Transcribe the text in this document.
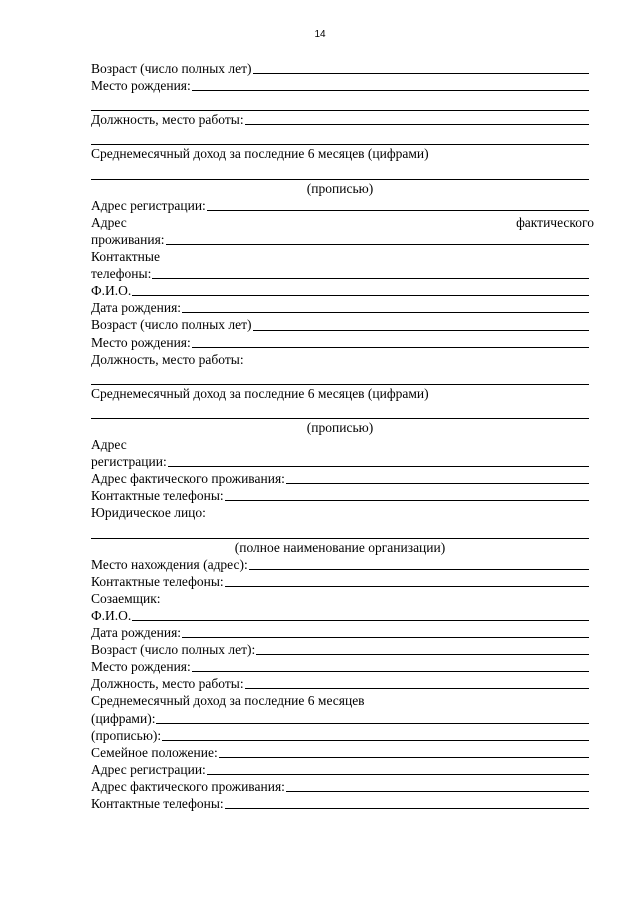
14
Возраст (число полных лет)
Место рождения:
Должность, место работы:
Среднемесячный доход за последние 6 месяцев (цифрами)
(прописью)
Адрес регистрации:
Адрес	фактического
проживания:
Контактные
телефоны:
Ф.И.О.
Дата рождения:
Возраст (число полных лет)
Место рождения:
Должность, место работы:
Среднемесячный доход за последние 6 месяцев (цифрами)
(прописью)
Адрес
регистрации:
Адрес фактического проживания:
Контактные телефоны:
Юридическое лицо:
(полное наименование организации)
Место нахождения (адрес):
Контактные телефоны:
Созаемщик:
Ф.И.О.
Дата рождения:
Возраст (число полных лет):
Место рождения:
Должность, место работы:
Среднемесячный доход за последние 6 месяцев
(цифрами):
(прописью):
Семейное положение:
Адрес регистрации:
Адрес фактического проживания:
Контактные телефоны:
